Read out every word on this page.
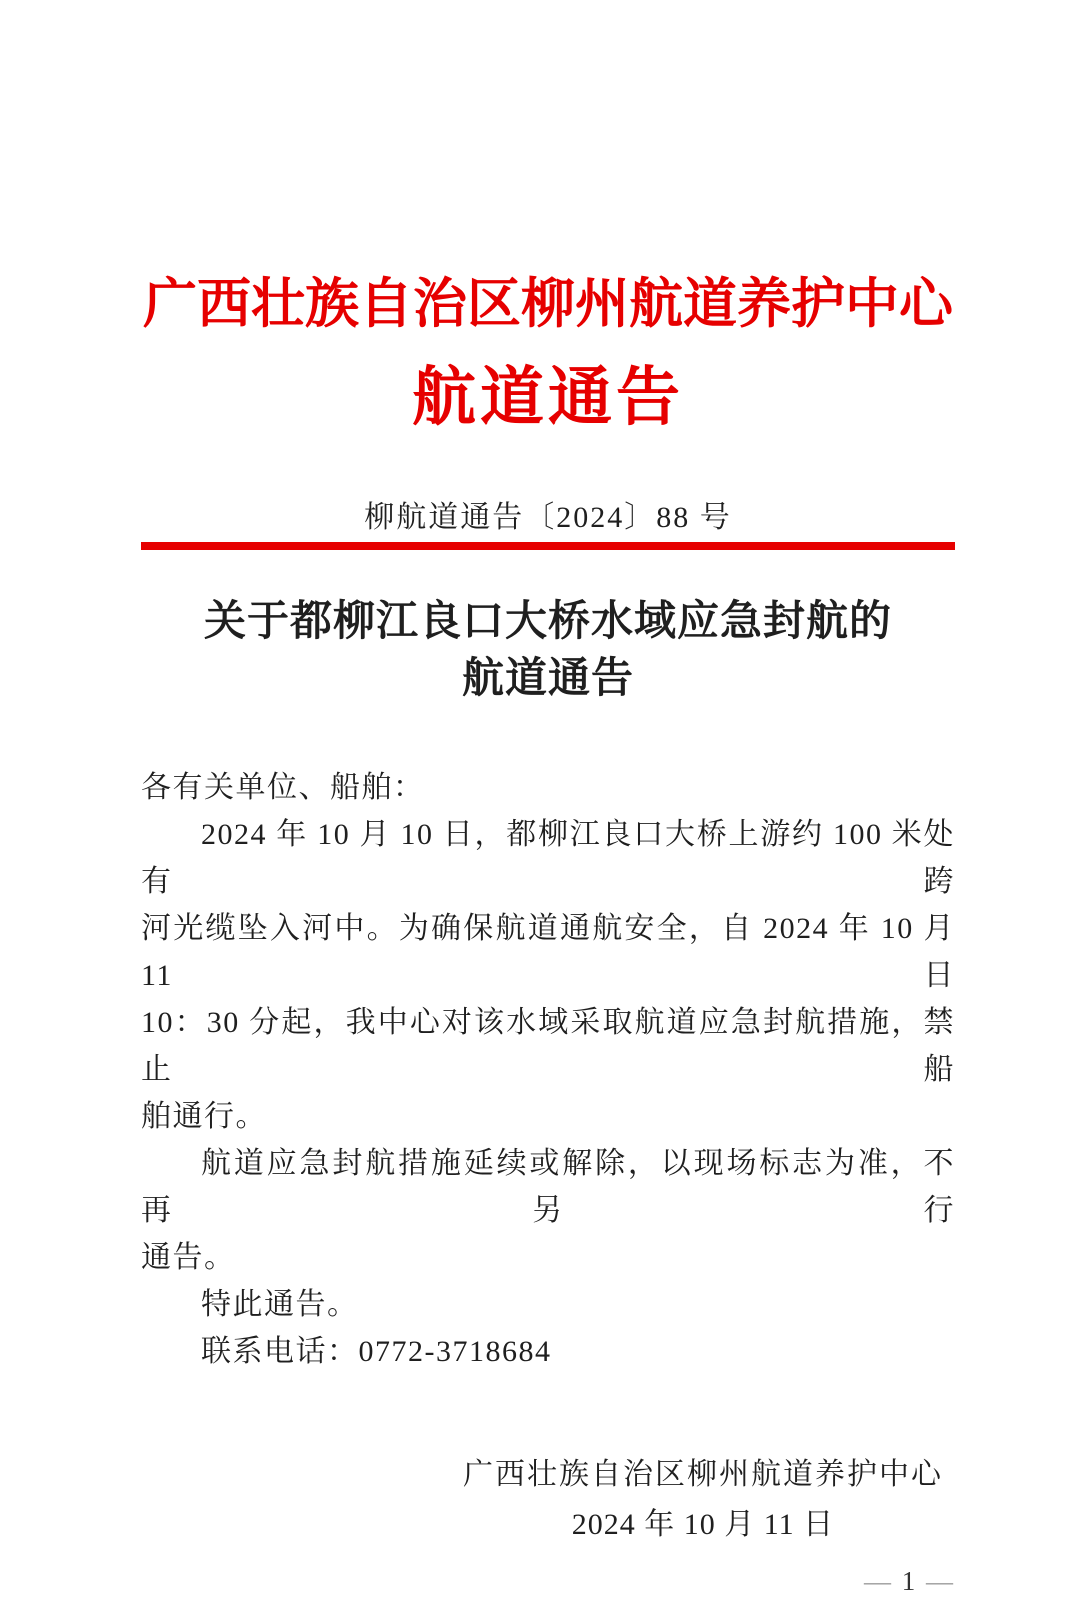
广西壮族自治区柳州航道养护中心
航道通告
柳航道通告〔2024〕88 号
关于都柳江良口大桥水域应急封航的
航道通告
各有关单位、船舶：
2024 年 10 月 10 日，都柳江良口大桥上游约 100 米处有跨
河光缆坠入河中。为确保航道通航安全，自 2024 年 10 月 11 日
10：30 分起，我中心对该水域采取航道应急封航措施，禁止船
舶通行。
航道应急封航措施延续或解除，以现场标志为准，不再另行
通告。
特此通告。
联系电话：0772-3718684
广西壮族自治区柳州航道养护中心
2024 年 10 月 11 日
— 1 —
